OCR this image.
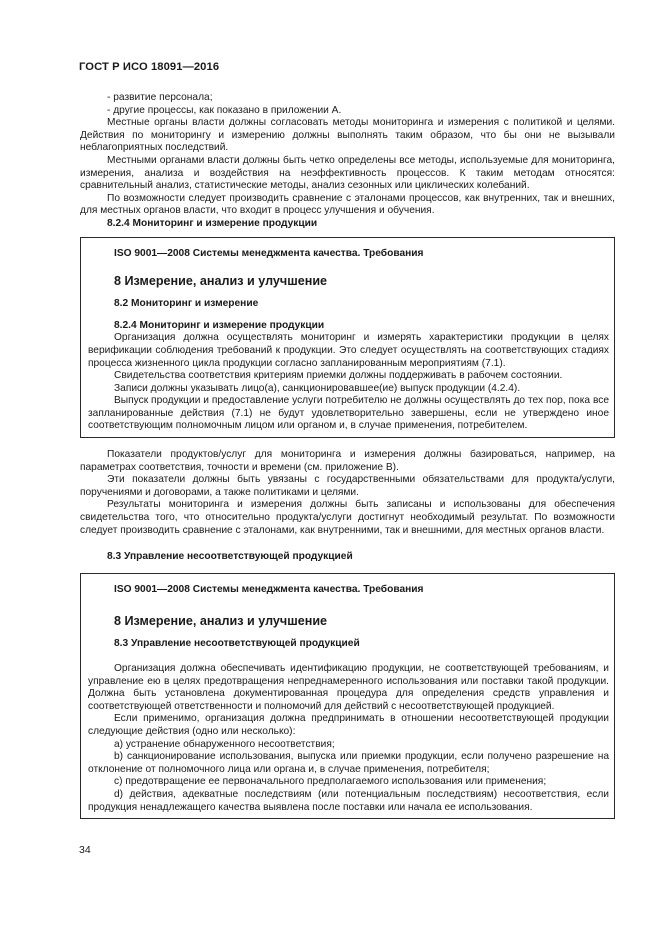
ГОСТ Р ИСО 18091—2016

- развитие персонала;

- другие процессы, как показано в приложении А.

Местные органы власти должны согласовать методы мониторинга и измерения с политикой и целями. Действия по мониторингу и измерению должны выполнять таким образом, что бы они не вызывали неблагоприятных последствий.

Местными органами власти должны быть четко определены все методы, используемые для мониторинга, измерения, анализа и воздействия на неэффективность процессов. К таким методам относятся: сравнительный анализ, статистические методы, анализ сезонных или циклических колебаний.

По возможности следует производить сравнение с эталонами процессов, как внутренних, так и внешних, для местных органов власти, что входит в процесс улучшения и обучения.

8.2.4 Мониторинг и измерение продукции

ISO 9001—2008 Системы менеджмента качества. Требования

8 Измерение, анализ и улучшение

8.2 Мониторинг и измерение

8.2.4 Мониторинг и измерение продукции

Организация должна осуществлять мониторинг и измерять характеристики продукции в целях верификации соблюдения требований к продукции. Это следует осуществлять на соответствующих стадиях процесса жизненного цикла продукции согласно запланированным мероприятиям (7.1).

Свидетельства соответствия критериям приемки должны поддерживать в рабочем состоянии.

Записи должны указывать лицо(а), санкционировавшее(ие) выпуск продукции (4.2.4).

Выпуск продукции и предоставление услуги потребителю не должны осуществлять до тех пор, пока все запланированные действия (7.1) не будут удовлетворительно завершены, если не утверждено иное соответствующим полномочным лицом или органом и, в случае применения, потребителем.

Показатели продуктов/услуг для мониторинга и измерения должны базироваться, например, на параметрах соответствия, точности и времени (см. приложение В).

Эти показатели должны быть увязаны с государственными обязательствами для продукта/услуги, поручениями и договорами, а также политиками и целями.

Результаты мониторинга и измерения должны быть записаны и использованы для обеспечения свидетельства того, что относительно продукта/услуги достигнут необходимый результат. По возможности следует производить сравнение с эталонами, как внутренними, так и внешними, для местных органов власти.

8.3 Управление несоответствующей продукцией

ISO 9001—2008 Системы менеджмента качества. Требования

8 Измерение, анализ и улучшение

8.3 Управление несоответствующей продукцией

Организация должна обеспечивать идентификацию продукции, не соответствующей требованиям, и управление ею в целях предотвращения непреднамеренного использования или поставки такой продукции. Должна быть установлена документированная процедура для определения средств управления и соответствующей ответственности и полномочий для действий с несоответствующей продукцией.

Если применимо, организация должна предпринимать в отношении несоответствующей продукции следующие действия (одно или несколько):

a) устранение обнаруженного несоответствия;

b) санкционирование использования, выпуска или приемки продукции, если получено разрешение на отклонение от полномочного лица или органа и, в случае применения, потребителя;

c) предотвращение ее первоначального предполагаемого использования или применения;

d) действия, адекватные последствиям (или потенциальным последствиям) несоответствия, если продукция ненадлежащего качества выявлена после поставки или начала ее использования.

34
